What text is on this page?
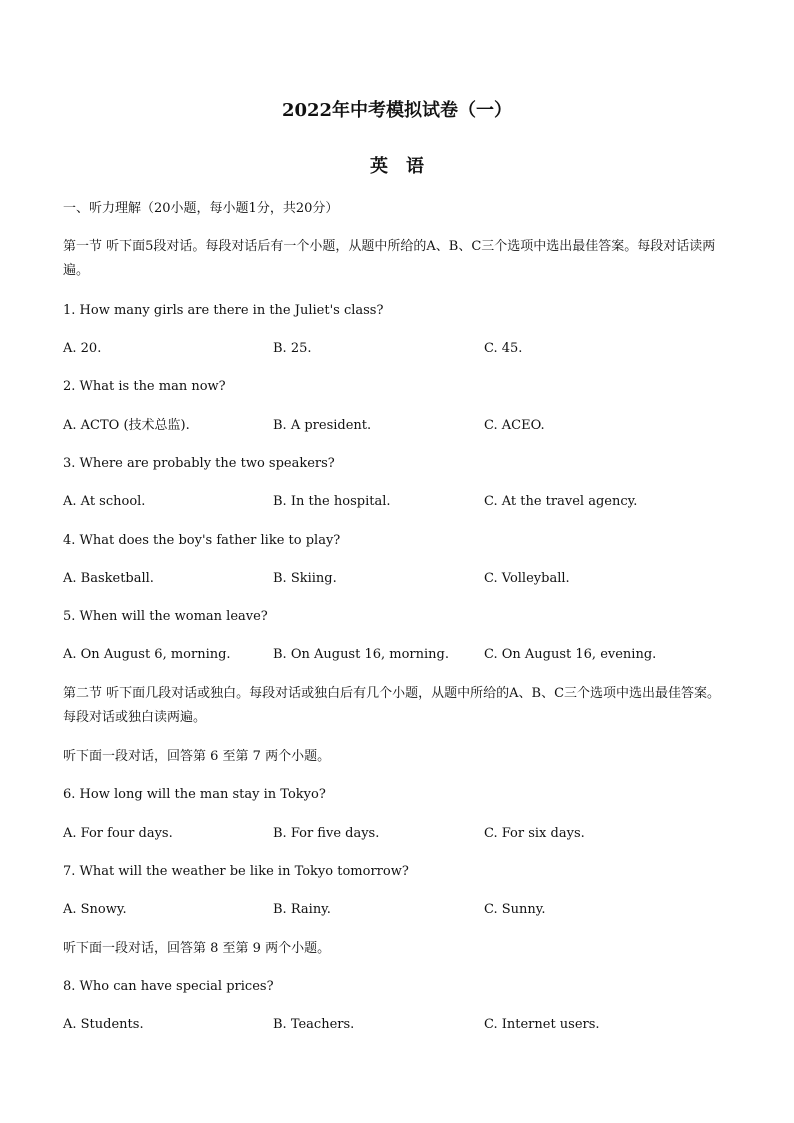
2022年中考模拟试卷（一）
英语
一、听力理解（20小题，每小题1分，共20分）
第一节 听下面5段对话。每段对话后有一个小题，从题中所给的A、B、C三个选项中选出最佳答案。每段对话读两遍。
1. How many girls are there in the Juliet's class?
A. 20.	B. 25.	C. 45.
2. What is the man now?
A. ACTO (技术总监).	B. A president.	C. ACEO.
3. Where are probably the two speakers?
A. At school.	B. In the hospital.	C. At the travel agency.
4. What does the boy's father like to play?
A. Basketball.	B. Skiing.	C. Volleyball.
5. When will the woman leave?
A. On August 6, morning.	B. On August 16, morning.	C. On August 16, evening.
第二节 听下面几段对话或独白。每段对话或独白后有几个小题，从题中所给的A、B、C三个选项中选出最佳答案。每段对话或独白读两遍。
听下面一段对话，回答第 6 至第 7 两个小题。
6. How long will the man stay in Tokyo?
A. For four days.	B. For five days.	C. For six days.
7. What will the weather be like in Tokyo tomorrow?
A. Snowy.	B. Rainy.	C. Sunny.
听下面一段对话，回答第 8 至第 9 两个小题。
8. Who can have special prices?
A. Students.	B. Teachers.	C. Internet users.
